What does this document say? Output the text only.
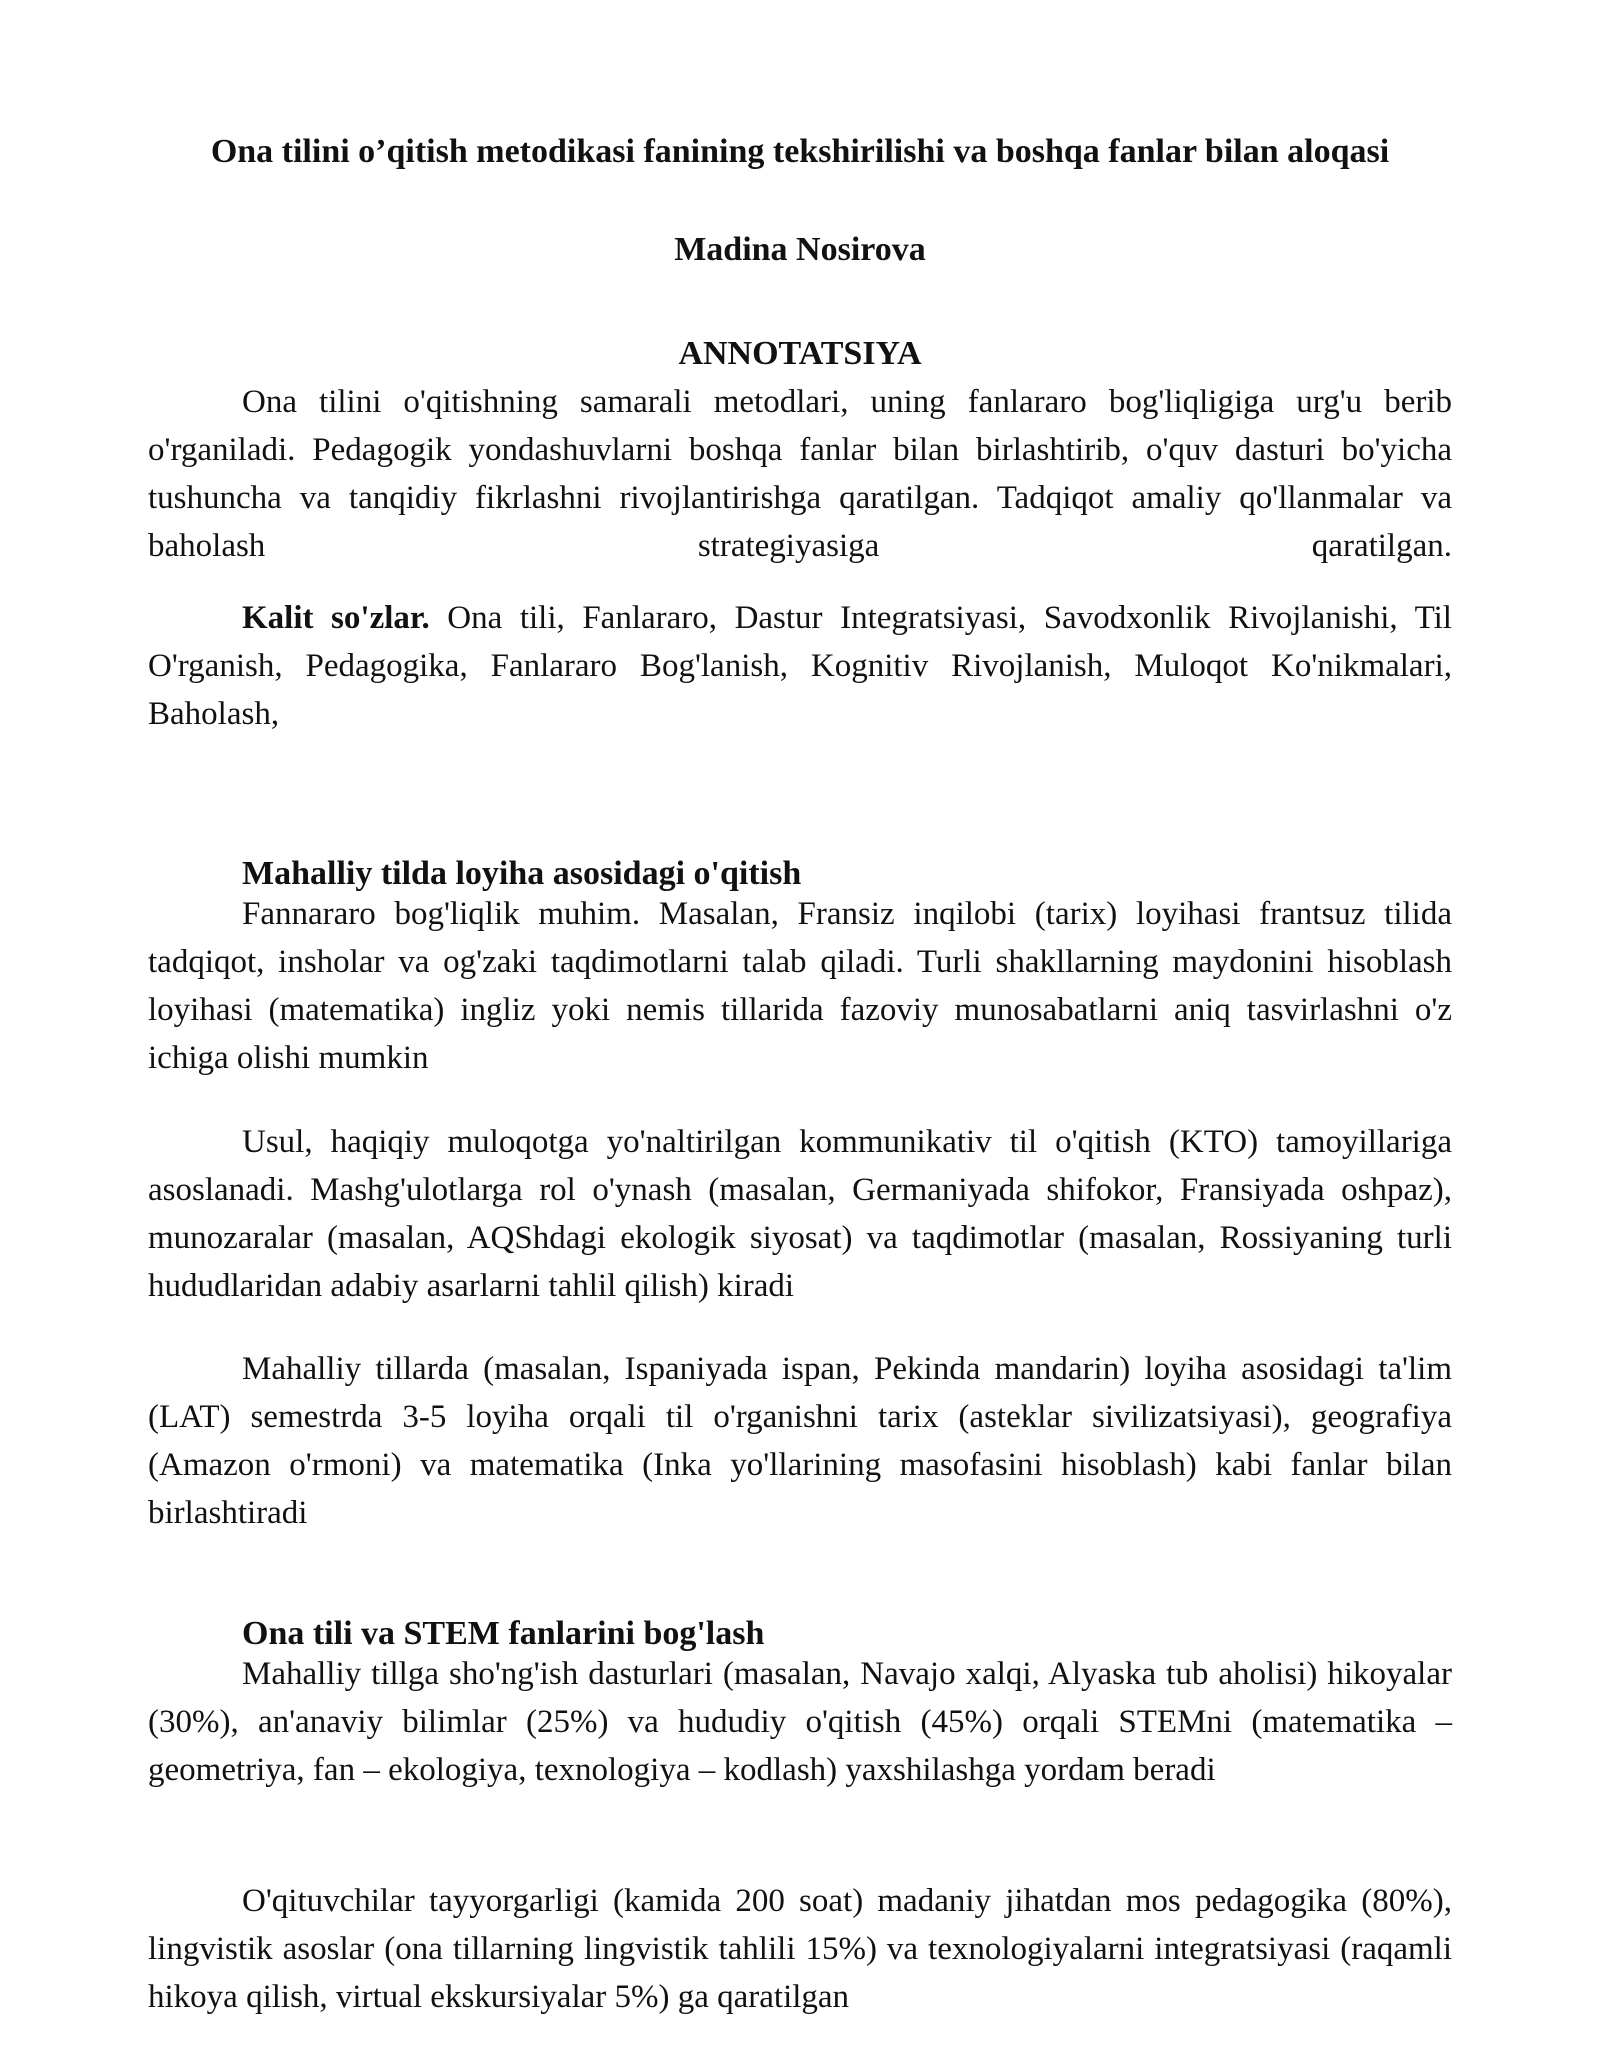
Ona tilini o’qitish metodikasi fanining tekshirilishi va boshqa fanlar bilan aloqasi
Madina Nosirova
ANNOTATSIYA

Ona tilini o'qitishning samarali metodlari, uning fanlararo bog'liqligiga urg'u berib o'rganiladi. Pedagogik yondashuvlarni boshqa fanlar bilan birlashtirib, o'quv dasturi bo'yicha tushuncha va tanqidiy fikrlashni rivojlantirishga qaratilgan. Tadqiqot amaliy qo'llanmalar va baholash strategiyasiga qaratilgan.

Kalit so'zlar. Ona tili, Fanlararo, Dastur Integratsiyasi, Savodxonlik Rivojlanishi, Til O'rganish, Pedagogika, Fanlararo Bog'lanish, Kognitiv Rivojlanish, Muloqot Ko'nikmalari, Baholash,

Mahalliy tilda loyiha asosidagi o'qitish

Fannararo bog'liqlik muhim. Masalan, Fransiz inqilobi (tarix) loyihasi frantsuz tilida tadqiqot, insholar va og'zaki taqdimotlarni talab qiladi. Turli shakllarning maydonini hisoblash loyihasi (matematika) ingliz yoki nemis tillarida fazoviy munosabatlarni aniq tasvirlashni o'z ichiga olishi mumkin

Usul, haqiqiy muloqotga yo'naltirilgan kommunikativ til o'qitish (KTO) tamoyillariga asoslanadi. Mashg'ulotlarga rol o'ynash (masalan, Germaniyada shifokor, Fransiyada oshpaz), munozaralar (masalan, AQShdagi ekologik siyosat) va taqdimotlar (masalan, Rossiyaning turli hududlaridan adabiy asarlarni tahlil qilish) kiradi

Mahalliy tillarda (masalan, Ispaniyada ispan, Pekinda mandarin) loyiha asosidagi ta'lim (LAT) semestrda 3-5 loyiha orqali til o'rganishni tarix (asteklar sivilizatsiyasi), geografiya (Amazon o'rmoni) va matematika (Inka yo'llarining masofasini hisoblash) kabi fanlar bilan birlashtiradi

Ona tili va STEM fanlarini bog'lash

Mahalliy tillga sho'ng'ish dasturlari (masalan, Navajo xalqi, Alyaska tub aholisi) hikoyalar (30%), an'anaviy bilimlar (25%) va hududiy o'qitish (45%) orqali STEMni (matematika – geometriya, fan – ekologiya, texnologiya – kodlash) yaxshilashga yordam beradi

O'qituvchilar tayyorgarligi (kamida 200 soat) madaniy jihatdan mos pedagogika (80%), lingvistik asoslar (ona tillarning lingvistik tahlili 15%) va texnologiyalarni integratsiyasi (raqamli hikoya qilish, virtual ekskursiyalar 5%) ga qaratilgan
